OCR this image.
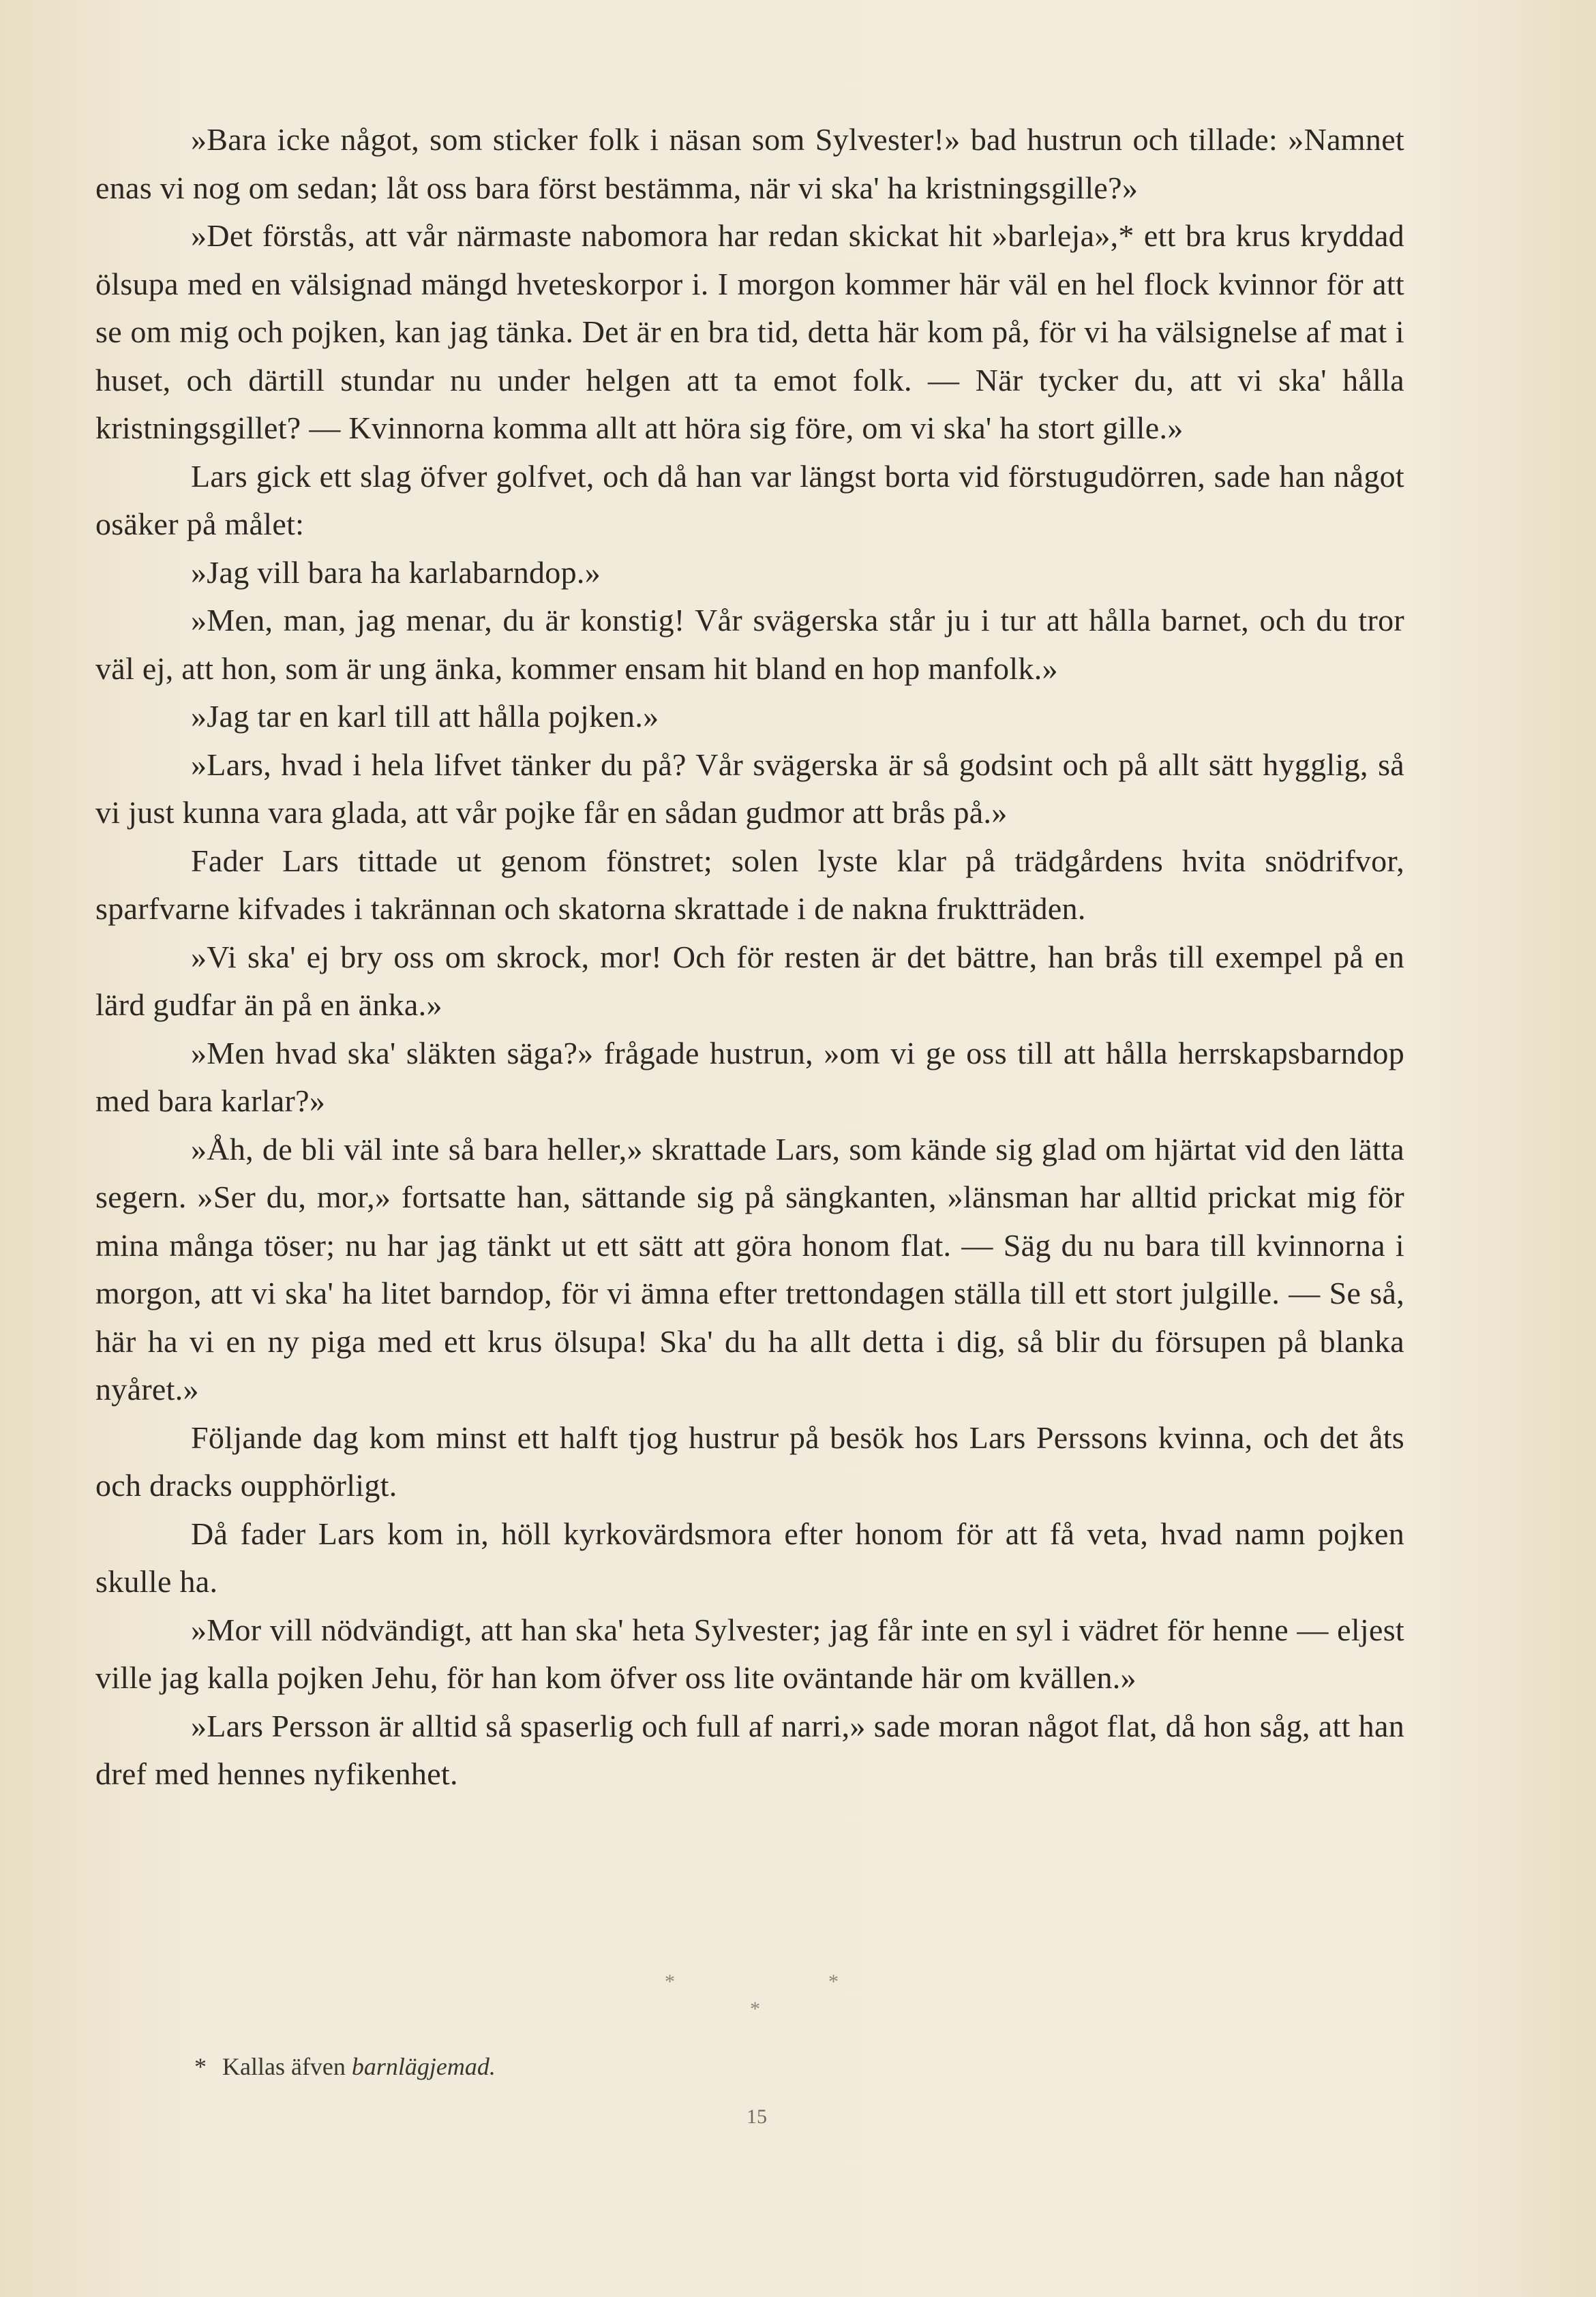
»Bara icke något, som sticker folk i näsan som Sylvester!» bad hustrun och tillade: »Namnet enas vi nog om sedan; låt oss bara först bestämma, när vi ska' ha kristningsgille?»

»Det förstås, att vår närmaste nabomora har redan skickat hit »barleja»,* ett bra krus kryddad ölsupa med en välsignad mängd hveteskorpor i. I morgon kommer här väl en hel flock kvinnor för att se om mig och pojken, kan jag tänka. Det är en bra tid, detta här kom på, för vi ha välsignelse af mat i huset, och därtill stundar nu under helgen att ta emot folk. — När tycker du, att vi ska' hålla kristningsgillet? — Kvinnorna komma allt att höra sig före, om vi ska' ha stort gille.»

Lars gick ett slag öfver golfvet, och då han var längst borta vid förstugudörren, sade han något osäker på målet:

»Jag vill bara ha karlabarndop.»

»Men, man, jag menar, du är konstig! Vår svägerska står ju i tur att hålla barnet, och du tror väl ej, att hon, som är ung änka, kommer ensam hit bland en hop manfolk.»

»Jag tar en karl till att hålla pojken.»

»Lars, hvad i hela lifvet tänker du på? Vår svägerska är så godsint och på allt sätt hygglig, så vi just kunna vara glada, att vår pojke får en sådan gudmor att brås på.»

Fader Lars tittade ut genom fönstret; solen lyste klar på trädgårdens hvita snödrifvor, sparfvarne kifvades i takrännan och skatorna skrattade i de nakna fruktträden.

»Vi ska' ej bry oss om skrock, mor! Och för resten är det bättre, han brås till exempel på en lärd gudfar än på en änka.»

»Men hvad ska' släkten säga?» frågade hustrun, »om vi ge oss till att hålla herrskapsbarndop med bara karlar?»

»Åh, de bli väl inte så bara heller,» skrattade Lars, som kände sig glad om hjärtat vid den lätta segern. »Ser du, mor,» fortsatte han, sättande sig på sängkanten, »länsman har alltid prickat mig för mina många töser; nu har jag tänkt ut ett sätt att göra honom flat. — Säg du nu bara till kvinnorna i morgon, att vi ska' ha litet barndop, för vi ämna efter trettondagen ställa till ett stort julgille. — Se så, här ha vi en ny piga med ett krus ölsupa! Ska' du ha allt detta i dig, så blir du försupen på blanka nyåret.»

Följande dag kom minst ett halft tjog hustrur på besök hos Lars Perssons kvinna, och det åts och dracks oupphörligt.

Då fader Lars kom in, höll kyrkovärdsmora efter honom för att få veta, hvad namn pojken skulle ha.

»Mor vill nödvändigt, att han ska' heta Sylvester; jag får inte en syl i vädret för henne — eljest ville jag kalla pojken Jehu, för han kom öfver oss lite oväntande här om kvällen.»

»Lars Persson är alltid så spaserlig och full af narri,» sade moran något flat, då hon såg, att han dref med hennes nyfikenhet.

*	*
*
* Kallas äfven barnlägjemad.
15
